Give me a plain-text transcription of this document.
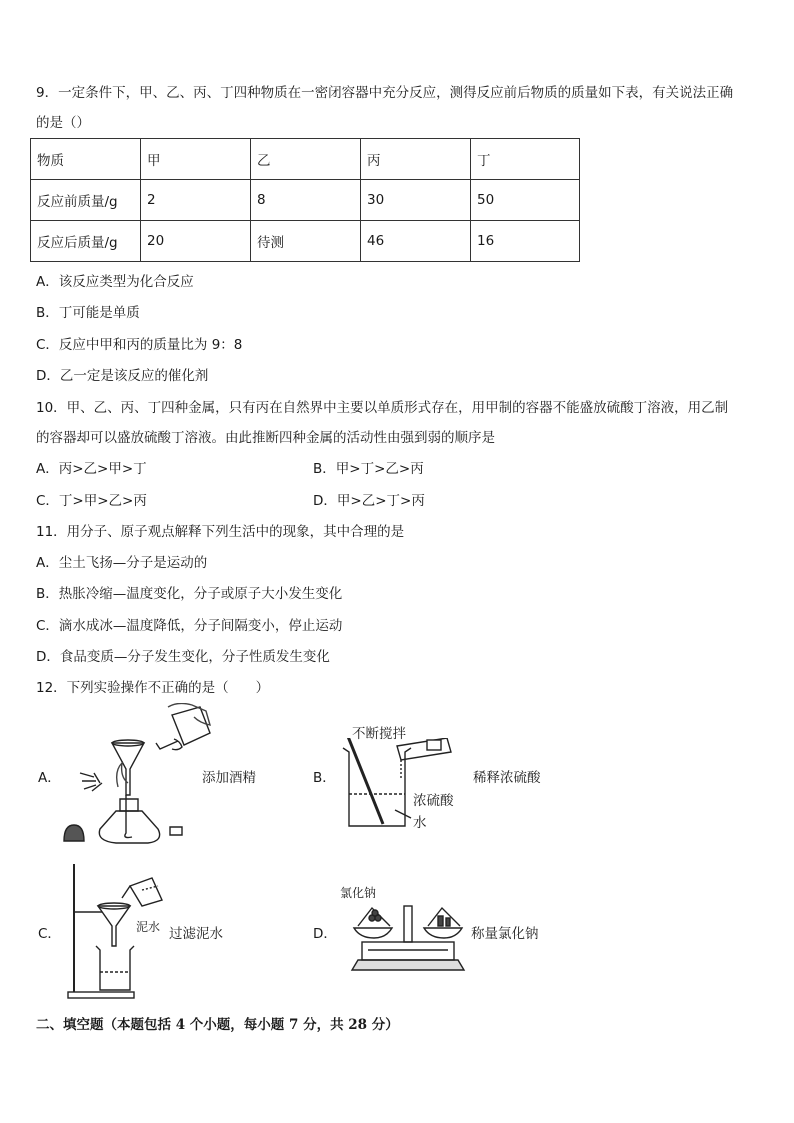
9．一定条件下，甲、乙、丙、丁四种物质在一密闭容器中充分反应，测得反应前后物质的质量如下表，有关说法正确
的是（）
物质	甲	乙	丙	丁
反应前质量/g	2	8	30	50
反应后质量/g	20	待测	46	16
A．该反应类型为化合反应
B．丁可能是单质
C．反应中甲和丙的质量比为 9：8
D．乙一定是该反应的催化剂
10．甲、乙、丙、丁四种金属，只有丙在自然界中主要以单质形式存在，用甲制的容器不能盛放硫酸丁溶液，用乙制
的容器却可以盛放硫酸丁溶液。由此推断四种金属的活动性由强到弱的顺序是
A．丙>乙>甲>丁	B．甲>丁>乙>丙
C．丁>甲>乙>丙	D．甲>乙>丁>丙
11．用分子、原子观点解释下列生活中的现象，其中合理的是
A．尘土飞扬—分子是运动的
B．热胀冷缩—温度变化，分子或原子大小发生变化
C．滴水成冰—温度降低，分子间隔变小，停止运动
D．食品变质—分子发生变化，分子性质发生变化
12．下列实验操作不正确的是（　　）
A．	添加酒精	B．
不断搅拌
浓硫酸
水
稀释浓硫酸
C．	泥水 过滤泥水	D．
氯化钠
称量氯化钠
二、填空题（本题包括 4 个小题，每小题 7 分，共 28 分）
